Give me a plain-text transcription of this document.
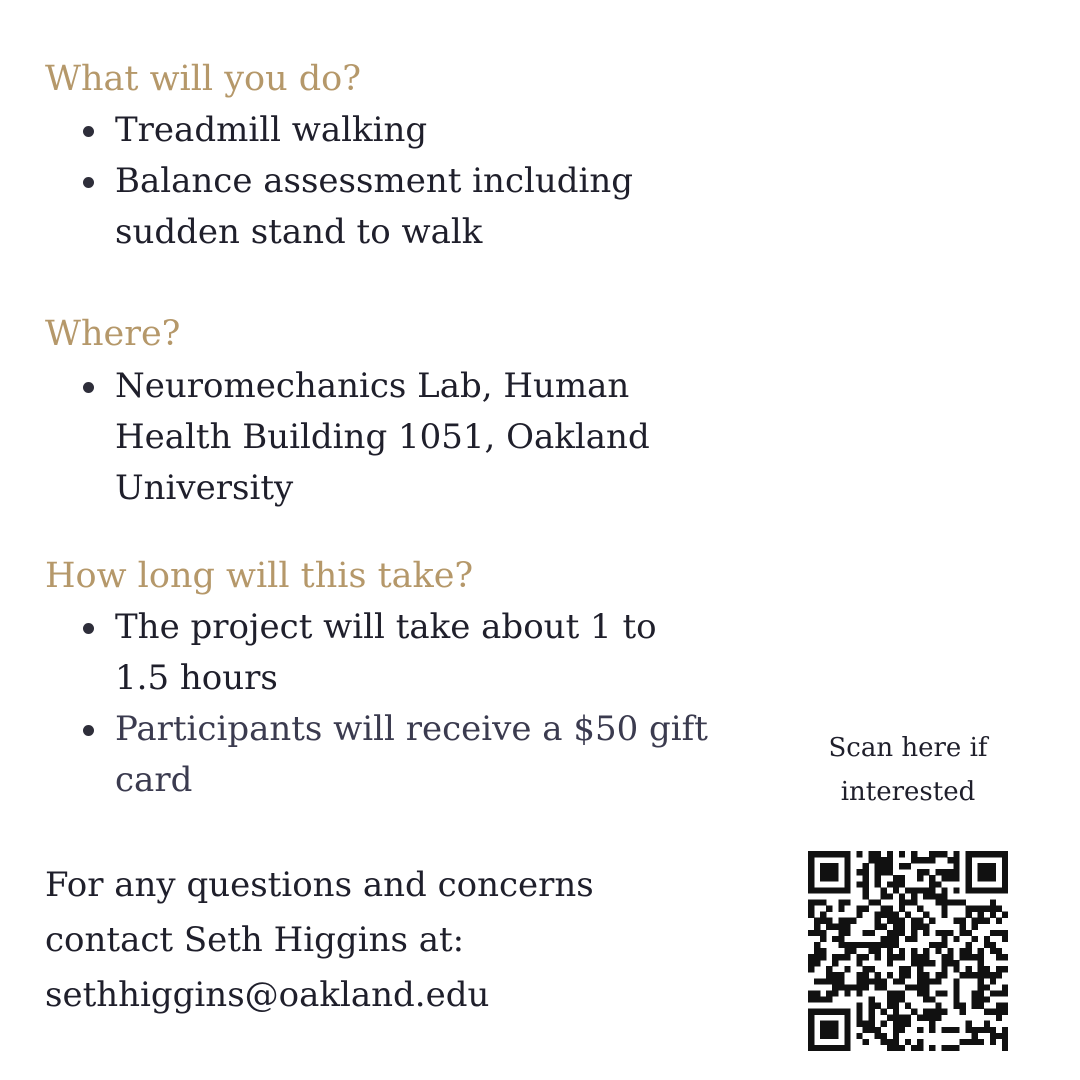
What will you do?
Treadmill walking
Balance assessment including sudden stand to walk
Where?
Neuromechanics Lab, Human Health Building 1051, Oakland University
How long will this take?
The project will take about 1 to 1.5 hours
Participants will receive a $50 gift card
For any questions and concerns
contact Seth Higgins at:
sethhiggins@oakland.edu
Scan here if
interested
